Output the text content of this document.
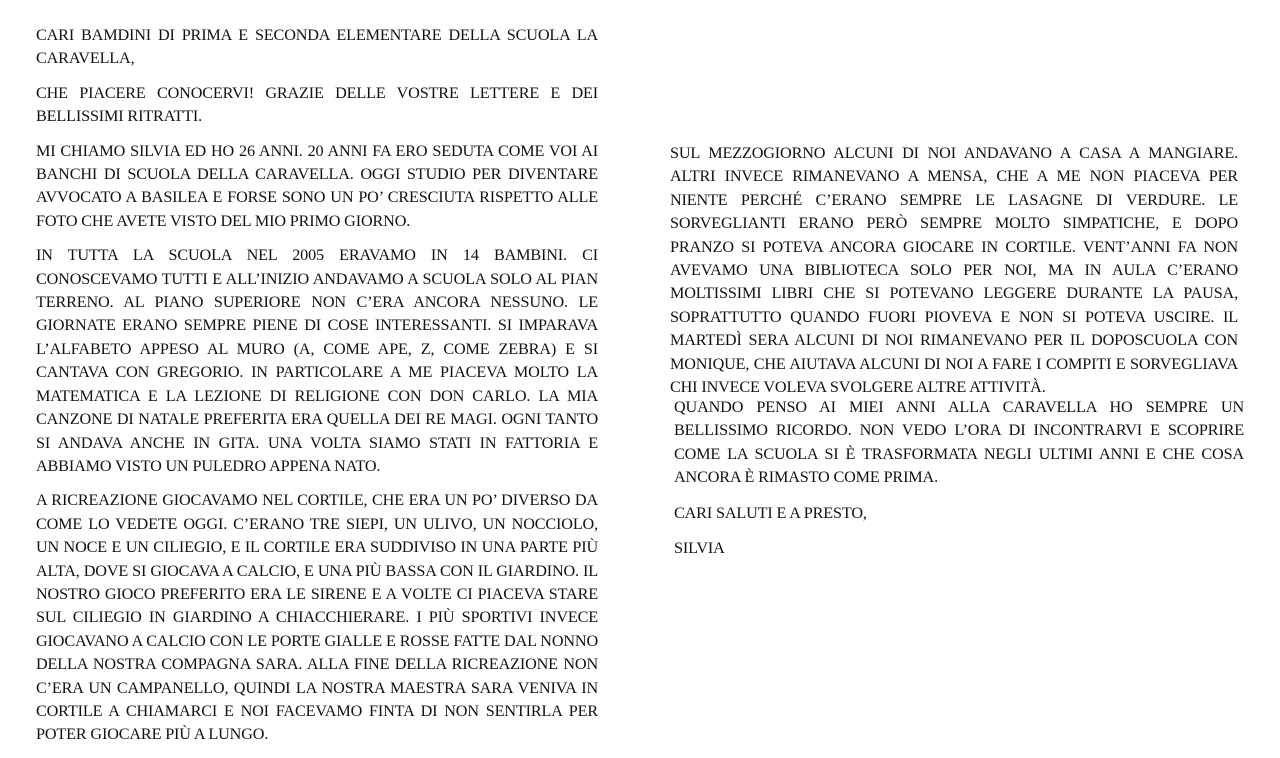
CARI BAMDINI DI PRIMA E SECONDA ELEMENTARE DELLA SCUOLA LA CARAVELLA,

CHE PIACERE CONOCERVI! GRAZIE DELLE VOSTRE LETTERE E DEI BELLISSIMI RITRATTI.

MI CHIAMO SILVIA ED HO 26 ANNI. 20 ANNI FA ERO SEDUTA COME VOI AI BANCHI DI SCUOLA DELLA CARAVELLA. OGGI STUDIO PER DIVENTARE AVVOCATO A BASILEA E FORSE SONO UN PO’ CRESCIUTA RISPETTO ALLE FOTO CHE AVETE VISTO DEL MIO PRIMO GIORNO.

IN TUTTA LA SCUOLA NEL 2005 ERAVAMO IN 14 BAMBINI. CI CONOSCEVAMO TUTTI E ALL’INIZIO ANDAVAMO A SCUOLA SOLO AL PIAN TERRENO. AL PIANO SUPERIORE NON C’ERA ANCORA NESSUNO. LE GIORNATE ERANO SEMPRE PIENE DI COSE INTERESSANTI. SI IMPARAVA L’ALFABETO APPESO AL MURO (A, COME APE, Z, COME ZEBRA) E SI CANTAVA CON GREGORIO. IN PARTICOLARE A ME PIACEVA MOLTO LA MATEMATICA E LA LEZIONE DI RELIGIONE CON DON CARLO. LA MIA CANZONE DI NATALE PREFERITA ERA QUELLA DEI RE MAGI. OGNI TANTO SI ANDAVA ANCHE IN GITA. UNA VOLTA SIAMO STATI IN FATTORIA E ABBIAMO VISTO UN PULEDRO APPENA NATO.

A RICREAZIONE GIOCAVAMO NEL CORTILE, CHE ERA UN PO’ DIVERSO DA COME LO VEDETE OGGI. C’ERANO TRE SIEPI, UN ULIVO, UN NOCCIOLO, UN NOCE E UN CILIEGIO, E IL CORTILE ERA SUDDIVISO IN UNA PARTE PIÙ ALTA, DOVE SI GIOCAVA A CALCIO, E UNA PIÙ BASSA CON IL GIARDINO. IL NOSTRO GIOCO PREFERITO ERA LE SIRENE E A VOLTE CI PIACEVA STARE SUL CILIEGIO IN GIARDINO A CHIACCHIERARE. I PIÙ SPORTIVI INVECE GIOCAVANO A CALCIO CON LE PORTE GIALLE E ROSSE FATTE DAL NONNO DELLA NOSTRA COMPAGNA SARA. ALLA FINE DELLA RICREAZIONE NON C’ERA UN CAMPANELLO, QUINDI LA NOSTRA MAESTRA SARA VENIVA IN CORTILE A CHIAMARCI E NOI FACEVAMO FINTA DI NON SENTIRLA PER POTER GIOCARE PIÙ A LUNGO.

SUL MEZZOGIORNO ALCUNI DI NOI ANDAVANO A CASA A MANGIARE. ALTRI INVECE RIMANEVANO A MENSA, CHE A ME NON PIACEVA PER NIENTE PERCHÉ C’ERANO SEMPRE LE LASAGNE DI VERDURE. LE SORVEGLIANTI ERANO PERÒ SEMPRE MOLTO SIMPATICHE, E DOPO PRANZO SI POTEVA ANCORA GIOCARE IN CORTILE. VENT’ANNI FA NON AVEVAMO UNA BIBLIOTECA SOLO PER NOI, MA IN AULA C’ERANO MOLTISSIMI LIBRI CHE SI POTEVANO LEGGERE DURANTE LA PAUSA, SOPRATTUTTO QUANDO FUORI PIOVEVA E NON SI POTEVA USCIRE. IL MARTEDÌ SERA ALCUNI DI NOI RIMANEVANO PER IL DOPOSCUOLA CON MONIQUE, CHE AIUTAVA ALCUNI DI NOI A FARE I COMPITI E SORVEGLIAVA CHI INVECE VOLEVA SVOLGERE ALTRE ATTIVITÀ.

QUANDO PENSO AI MIEI ANNI ALLA CARAVELLA HO SEMPRE UN BELLISSIMO RICORDO. NON VEDO L’ORA DI INCONTRARVI E SCOPRIRE COME LA SCUOLA SI È TRASFORMATA NEGLI ULTIMI ANNI E CHE COSA ANCORA È RIMASTO COME PRIMA.

CARI SALUTI E A PRESTO,

SILVIA
